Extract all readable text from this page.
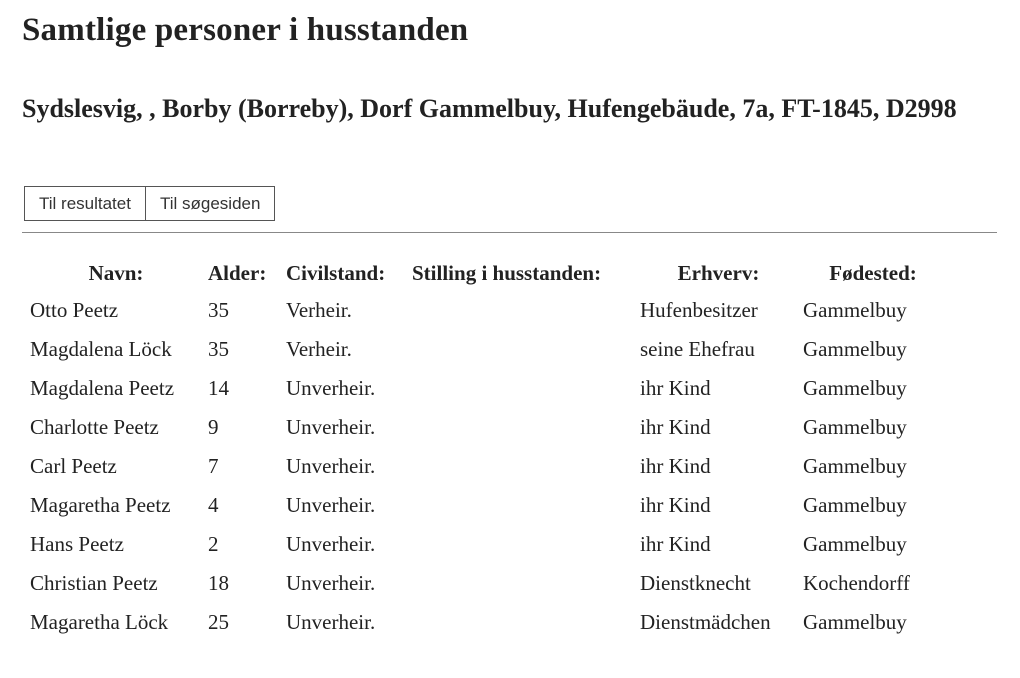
Samtlige personer i husstanden
Sydslesvig, , Borby (Borreby), Dorf Gammelbuy, Hufengebäude, 7a, FT-1845, D2998
Til resultatet	Til søgesiden
Navn:	Alder:	Civilstand:	Stilling i husstanden:	Erhverv:	Fødested:
Otto Peetz	35	Verheir.		Hufenbesitzer	Gammelbuy
Magdalena Löck	35	Verheir.		seine Ehefrau	Gammelbuy
Magdalena Peetz	14	Unverheir.		ihr Kind	Gammelbuy
Charlotte Peetz	9	Unverheir.		ihr Kind	Gammelbuy
Carl Peetz	7	Unverheir.		ihr Kind	Gammelbuy
Magaretha Peetz	4	Unverheir.		ihr Kind	Gammelbuy
Hans Peetz	2	Unverheir.		ihr Kind	Gammelbuy
Christian Peetz	18	Unverheir.		Dienstknecht	Kochendorff
Magaretha Löck	25	Unverheir.		Dienstmädchen	Gammelbuy
